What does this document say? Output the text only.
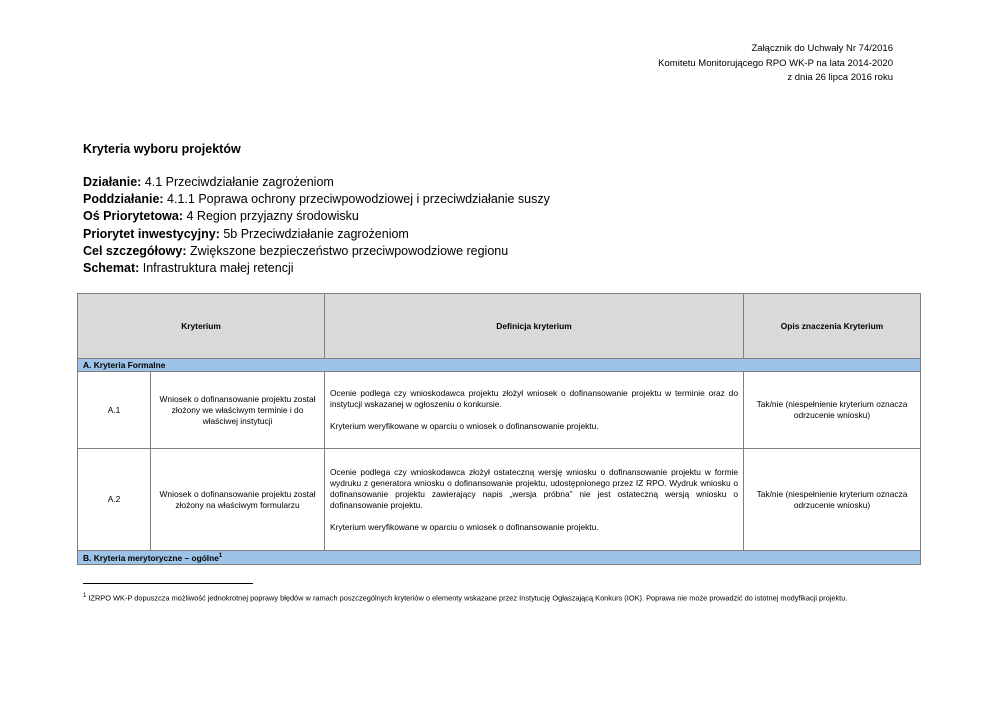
Załącznik do Uchwały Nr 74/2016
Komitetu Monitorującego RPO WK-P na lata 2014-2020
z dnia 26 lipca 2016 roku
Kryteria wyboru projektów
Działanie: 4.1 Przeciwdziałanie zagrożeniom
Poddziałanie: 4.1.1 Poprawa ochrony przeciwpowodziowej i przeciwdziałanie suszy
Oś Priorytetowa: 4 Region przyjazny środowisku
Priorytet inwestycyjny: 5b Przeciwdziałanie zagrożeniom
Cel szczegółowy: Zwiększone bezpieczeństwo przeciwpowodziowe regionu
Schemat: Infrastruktura małej retencji
Kryterium		Definicja kryterium	Opis znaczenia Kryterium
A. Kryteria Formalne			
A.1	Wniosek o dofinansowanie projektu został złożony we właściwym terminie i do właściwej instytucji	Ocenie podlega czy wnioskodawca projektu złożył wniosek o dofinansowanie projektu w terminie oraz do instytucji wskazanej w ogłoszeniu o konkursie.

Kryterium weryfikowane w oparciu o wniosek o dofinansowanie projektu.	Tak/nie (niespełnienie kryterium oznacza odrzucenie wniosku)
A.2	Wniosek o dofinansowanie projektu został złożony na właściwym formularzu	Ocenie podlega czy wnioskodawca złożył ostateczną wersję wniosku o dofinansowanie projektu w formie wydruku z generatora wniosku o dofinansowanie projektu, udostępnionego przez IZ RPO. Wydruk wniosku o dofinansowanie projektu zawierający napis „wersja próbna” nie jest ostateczną wersją wniosku o dofinansowanie projektu.

Kryterium weryfikowane w oparciu o wniosek o dofinansowanie projektu.	Tak/nie (niespełnienie kryterium oznacza odrzucenie wniosku)
B. Kryteria merytoryczne – ogólne$^1$
$^1$ IZRPO WK-P dopuszcza możliwość jednokrotnej poprawy błędów w ramach poszczególnych kryteriów o elementy wskazane przez Instytucję Ogłaszającą Konkurs (IOK). Poprawa nie może prowadzić do istotnej modyfikacji projektu.
